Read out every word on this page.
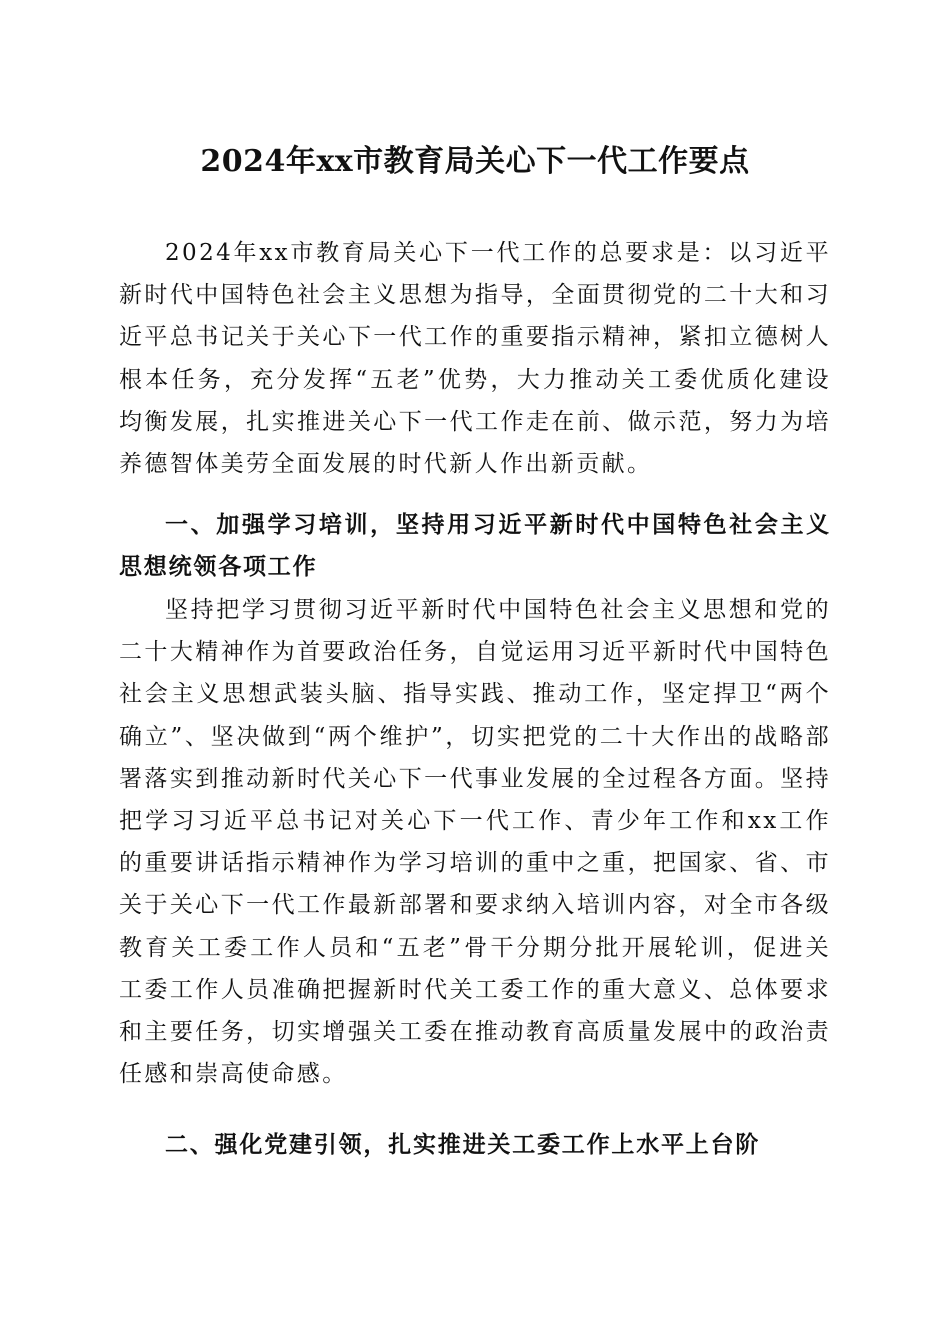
2024年xx市教育局关心下一代工作要点

2024年xx市教育局关心下一代工作的总要求是：以习近平新时代中国特色社会主义思想为指导，全面贯彻党的二十大和习近平总书记关于关心下一代工作的重要指示精神，紧扣立德树人根本任务，充分发挥“五老”优势，大力推动关工委优质化建设均衡发展，扎实推进关心下一代工作走在前、做示范，努力为培养德智体美劳全面发展的时代新人作出新贡献。

一、加强学习培训，坚持用习近平新时代中国特色社会主义思想统领各项工作

坚持把学习贯彻习近平新时代中国特色社会主义思想和党的二十大精神作为首要政治任务，自觉运用习近平新时代中国特色社会主义思想武装头脑、指导实践、推动工作，坚定捍卫“两个确立”、坚决做到“两个维护”，切实把党的二十大作出的战略部署落实到推动新时代关心下一代事业发展的全过程各方面。坚持把学习习近平总书记对关心下一代工作、青少年工作和xx工作的重要讲话指示精神作为学习培训的重中之重，把国家、省、市关于关心下一代工作最新部署和要求纳入培训内容，对全市各级教育关工委工作人员和“五老”骨干分期分批开展轮训，促进关工委工作人员准确把握新时代关工委工作的重大意义、总体要求和主要任务，切实增强关工委在推动教育高质量发展中的政治责任感和崇高使命感。

二、强化党建引领，扎实推进关工委工作上水平上台阶
